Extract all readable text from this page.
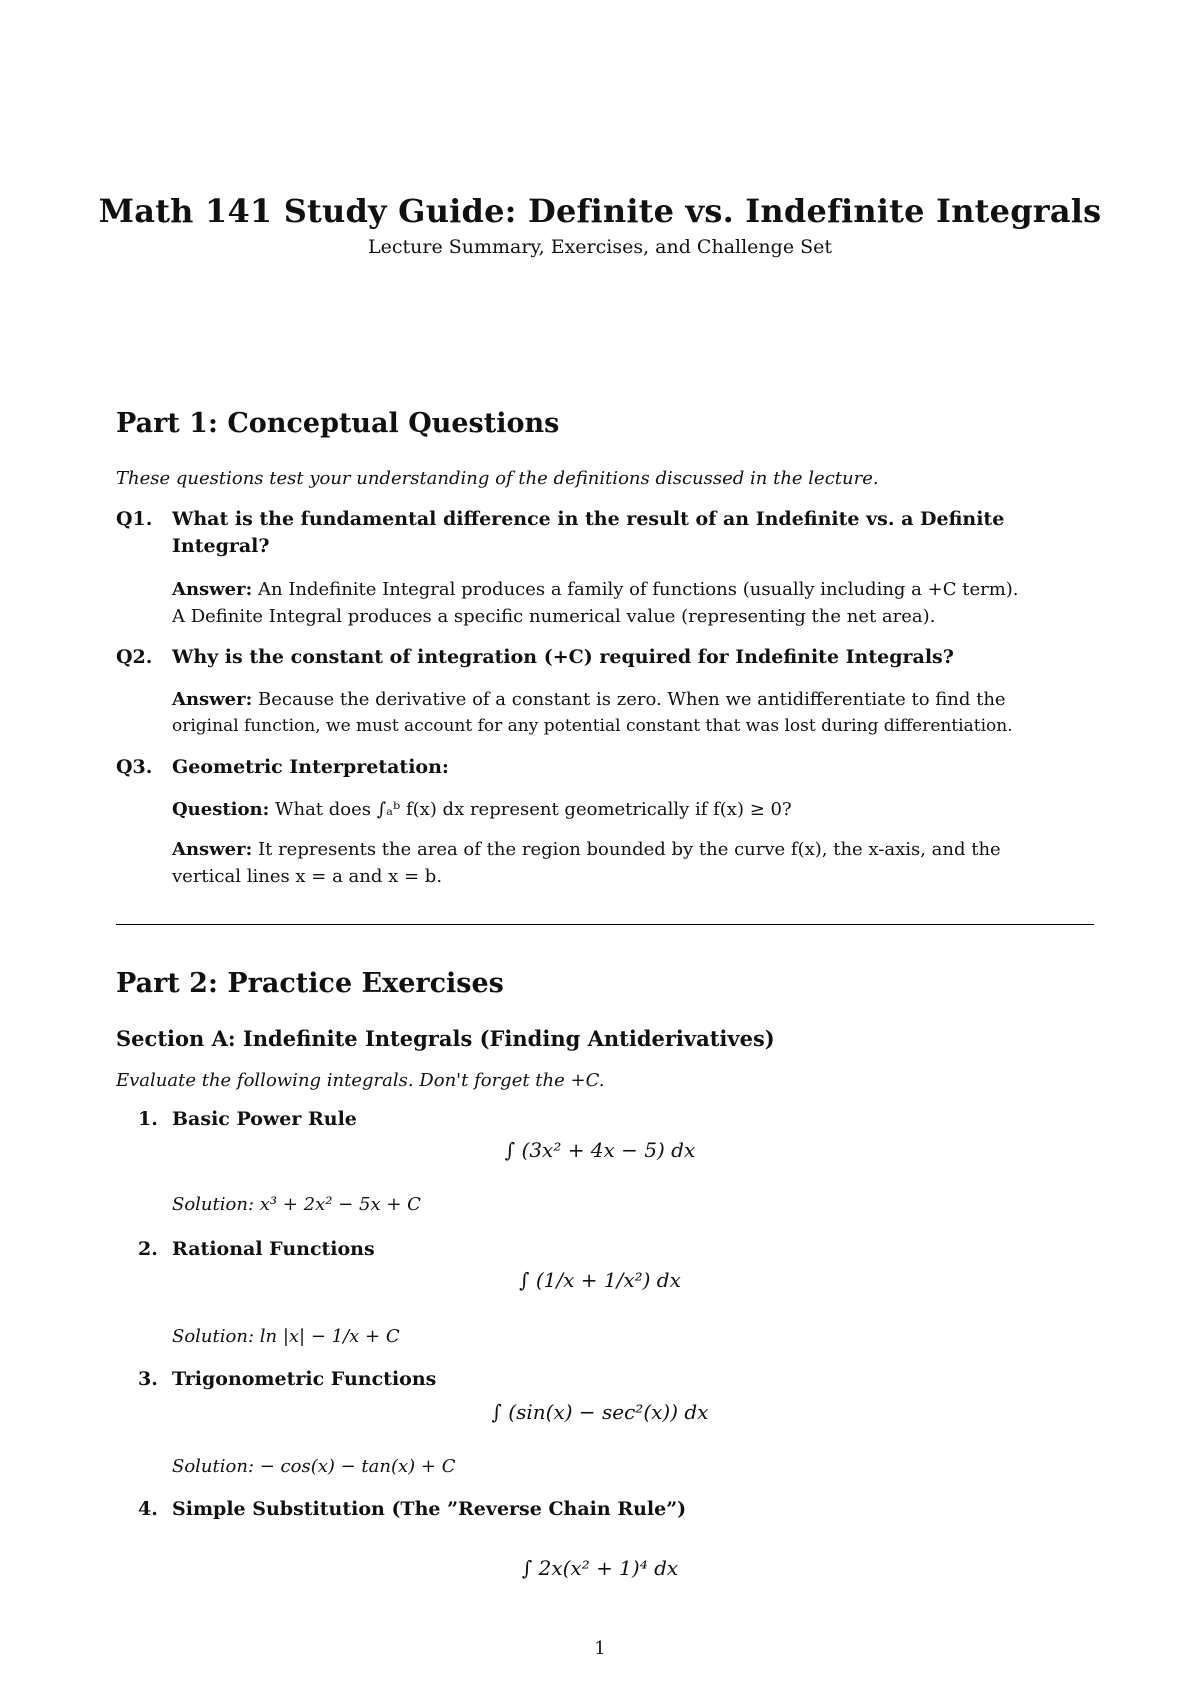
Math 141 Study Guide: Definite vs. Indefinite Integrals
Lecture Summary, Exercises, and Challenge Set
Part 1: Conceptual Questions
These questions test your understanding of the definitions discussed in the lecture.
Q1. What is the fundamental difference in the result of an Indefinite vs. a Definite
Integral?
Answer: An Indefinite Integral produces a family of functions (usually including a +C term).
A Definite Integral produces a specific numerical value (representing the net area).
Q2. Why is the constant of integration (+C) required for Indefinite Integrals?
Answer: Because the derivative of a constant is zero. When we antidifferentiate to find the
original function, we must account for any potential constant that was lost during differentiation.
Q3. Geometric Interpretation:
Question: What does ∫ₐᵇ f(x) dx represent geometrically if f(x) ≥ 0?
Answer: It represents the area of the region bounded by the curve f(x), the x-axis, and the
vertical lines x = a and x = b.
Part 2: Practice Exercises
Section A: Indefinite Integrals (Finding Antiderivatives)
Evaluate the following integrals. Don't forget the +C.
1. Basic Power Rule
∫ (3x² + 4x − 5) dx
Solution: x³ + 2x² − 5x + C
2. Rational Functions
∫ (1/x + 1/x²) dx
Solution: ln |x| − 1/x + C
3. Trigonometric Functions
∫ (sin(x) − sec²(x)) dx
Solution: − cos(x) − tan(x) + C
4. Simple Substitution (The ”Reverse Chain Rule”)
∫ 2x(x² + 1)⁴ dx
1
